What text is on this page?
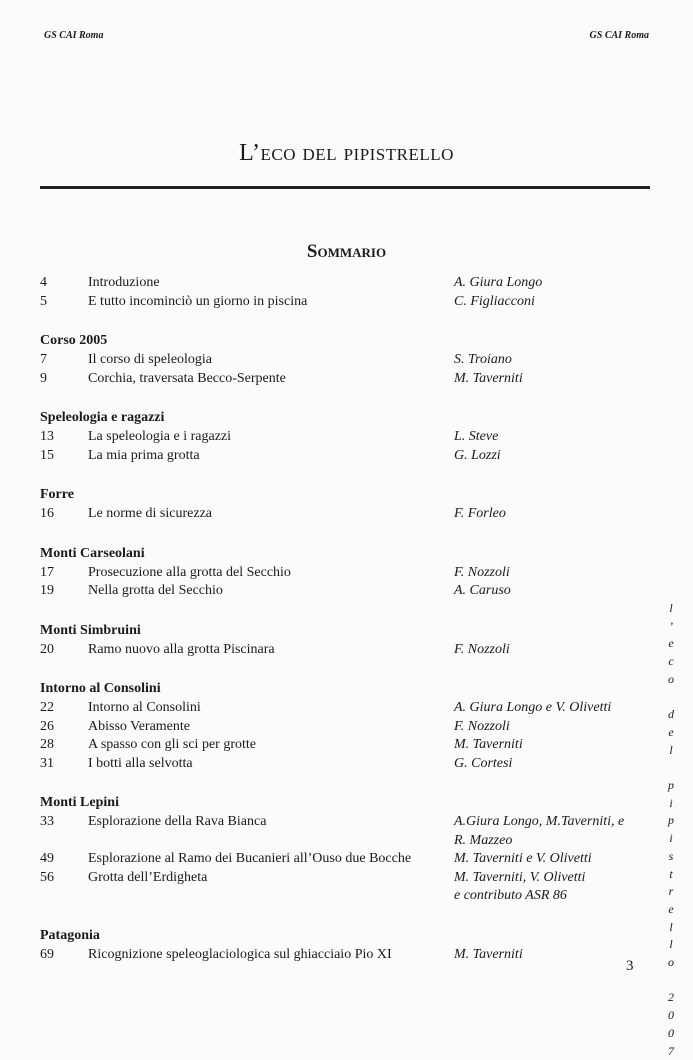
GS CAI Roma	GS CAI Roma
L’eco del pipistrello
Sommario
4	Introduzione	A. Giura Longo
5	E tutto incominciò un giorno in piscina	C. Figliacconi
Corso 2005
7	Il corso di speleologia	S. Troiano
9	Corchia, traversata Becco-Serpente	M. Taverniti
Speleologia e ragazzi
13	La speleologia e i ragazzi	L. Steve
15	La mia prima grotta	G. Lozzi
Forre
16	Le norme di sicurezza	F. Forleo
Monti Carseolani
17	Prosecuzione alla grotta del Secchio	F. Nozzoli
19	Nella grotta del Secchio	A. Caruso
Monti Simbruini
20	Ramo nuovo alla grotta Piscinara	F. Nozzoli
Intorno al Consolini
22	Intorno al Consolini	A. Giura Longo e V. Olivetti
26	Abisso Veramente	F. Nozzoli
28	A spasso con gli sci per grotte	M. Taverniti
31	I botti alla selvotta	G. Cortesi
Monti Lepini
33	Esplorazione della Rava Bianca	A.Giura Longo, M.Taverniti, e
R. Mazzeo
49	Esplorazione al Ramo dei Bucanieri all’Ouso due Bocche	M. Taverniti e V. Olivetti
56	Grotta dell’Erdigheta	M. Taverniti, V. Olivetti
e contributo ASR 86
Patagonia
69	Ricognizione speleoglaciologica sul ghiacciaio Pio XI	M. Taverniti
l
’
e
c
o

d
e
l

p
i
p
i
s
t
r
e
l
l
o

2
0
0
7
3
